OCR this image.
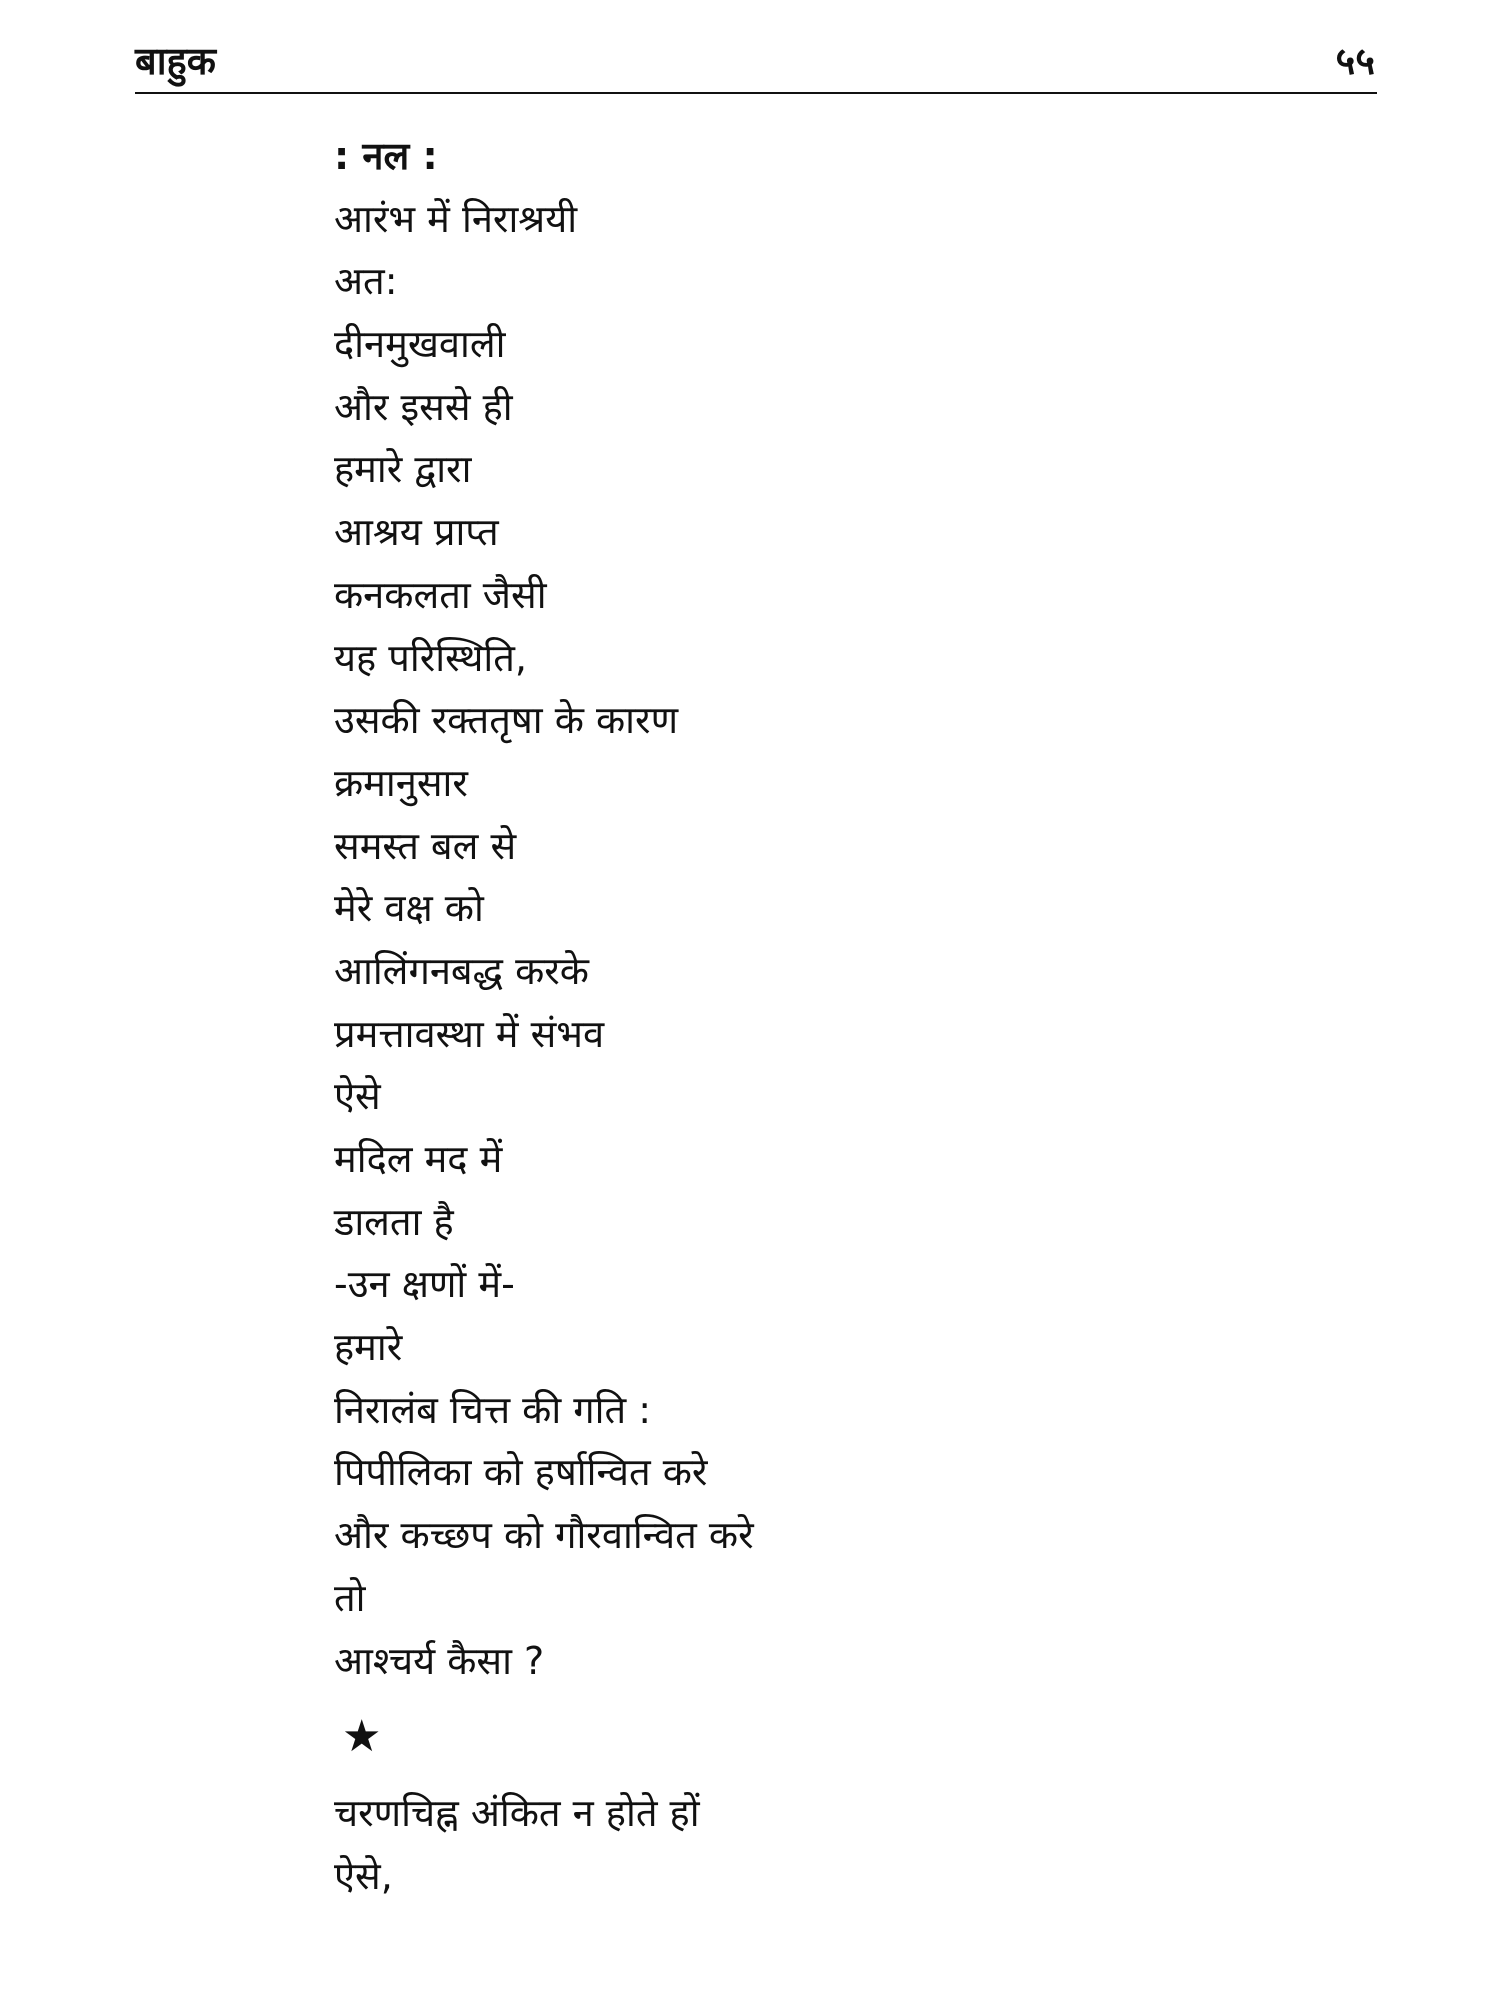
बाहुक	५५
: नल :
आरंभ में निराश्रयी
अत:
दीनमुखवाली
और इससे ही
हमारे द्वारा
आश्रय प्राप्त
कनकलता जैसी
यह परिस्थिति,
उसकी रक्ततृषा के कारण
क्रमानुसार
समस्त बल से
मेरे वक्ष को
आलिंगनबद्ध करके
प्रमत्तावस्था में संभव
ऐसे
मदिल मद में
डालता है
-उन क्षणों में-
हमारे
निरालंब चित्त की गति :
पिपीलिका को हर्षान्वित करे
और कच्छप को गौरवान्वित करे
तो
आश्चर्य कैसा ?
★
चरणचिह्न अंकित न होते हों
ऐसे,
